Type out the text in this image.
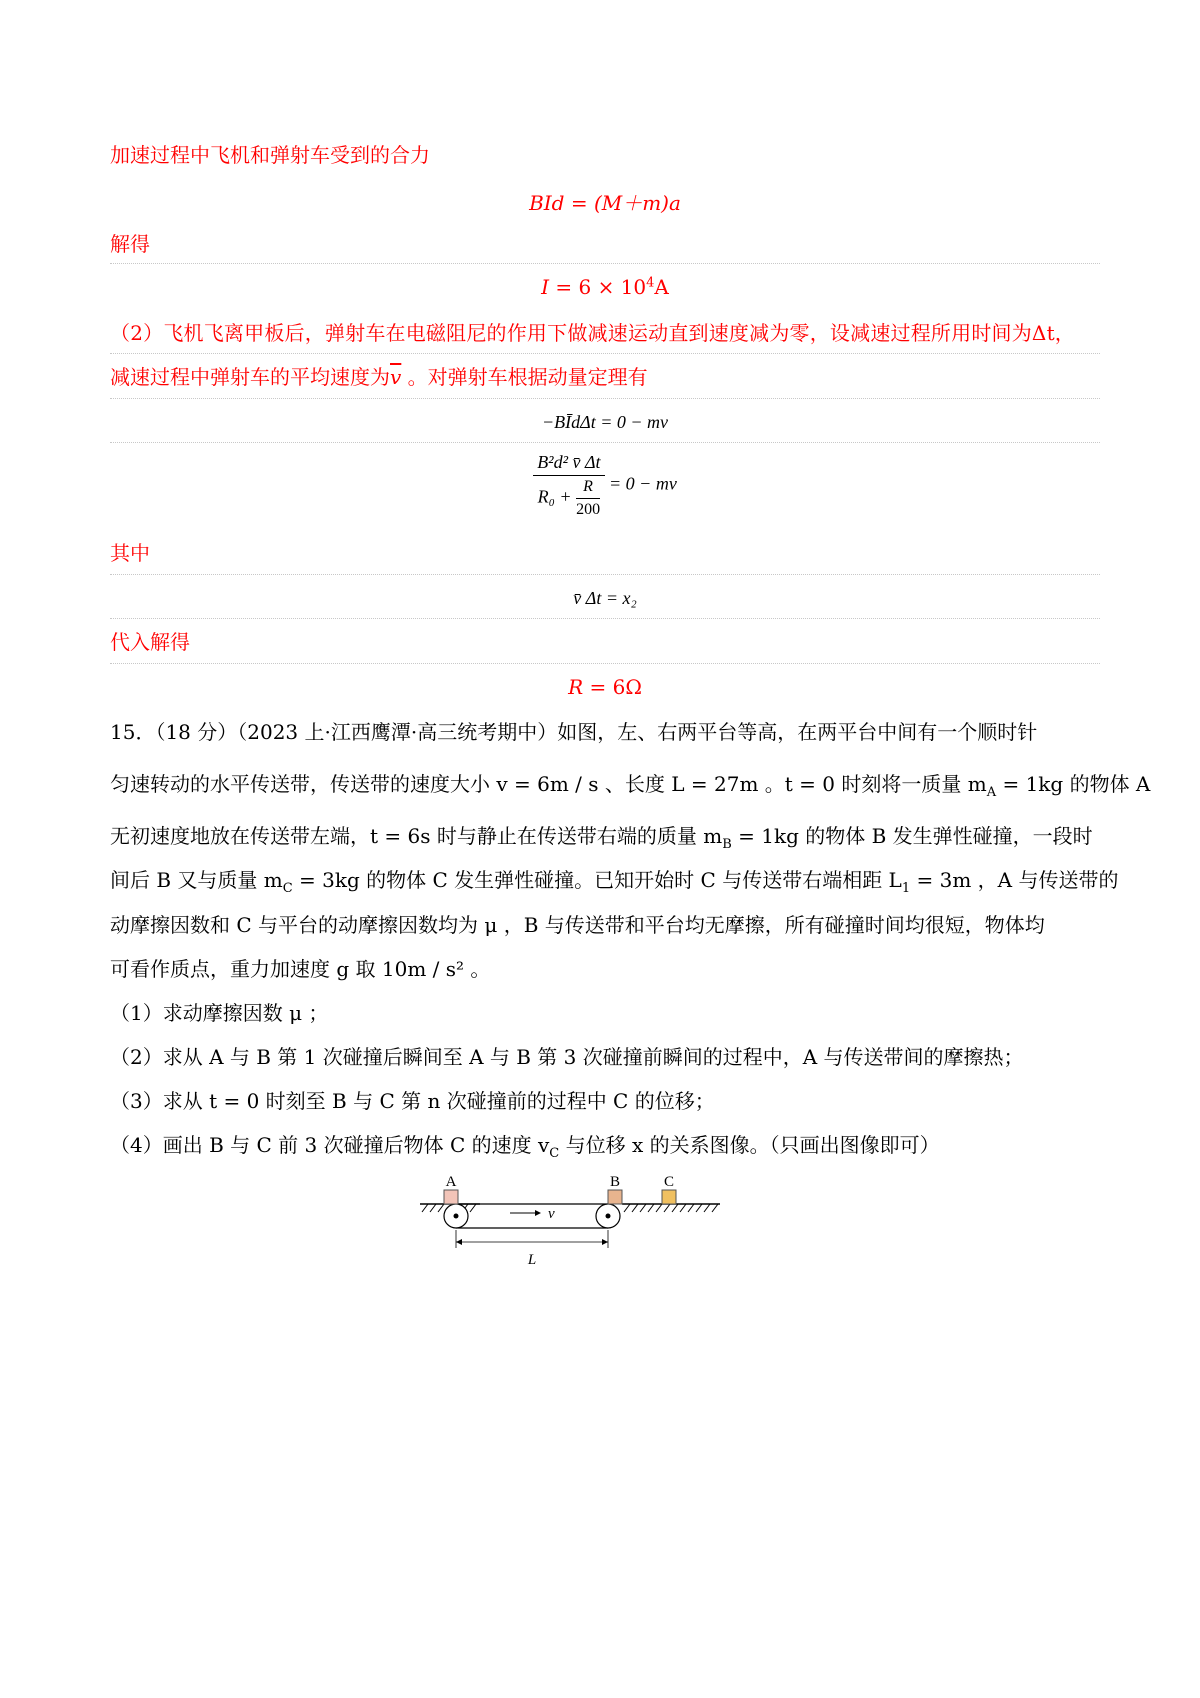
加速过程中飞机和弹射车受到的合力
BId = (M＋m)a
解得
$I = 6 \times 10^4A$
（2）飞机飞离甲板后，弹射车在电磁阻尼的作用下做减速运动直到速度减为零，设减速过程所用时间为Δt，
减速过程中弹射车的平均速度为$\overline{v}$ 。对弹射车根据动量定理有
−BĪdΔt = 0 − mv
$\frac{\text{B²d² v̄ Δt}}{R_0 + \frac{R}{200}} = 0$ − mv
其中
v̄ Δt = x₂
代入解得
R = 6Ω
15．（18 分）（2023 上·江西鹰潭·高三统考期中）如图，左、右两平台等高，在两平台中间有一个顺时针
匀速转动的水平传送带，传送带的速度大小 v = 6m / s 、长度 L = 27m 。t = 0 时刻将一质量 $m_A = 1kg$ 的物体 A
无初速度地放在传送带左端，t = 6s 时与静止在传送带右端的质量 $m_B = 1kg$ 的物体 B 发生弹性碰撞，一段时
间后 B 又与质量 $m_C = 3kg$ 的物体 C 发生弹性碰撞。已知开始时 C 与传送带右端相距 $L_1 = 3m$ ，A 与传送带的
动摩擦因数和 C 与平台的动摩擦因数均为 μ ，B 与传送带和平台均无摩擦，所有碰撞时间均很短，物体均
可看作质点，重力加速度 g 取 10m / s² 。
（1）求动摩擦因数 μ ；
（2）求从 A 与 B 第 1 次碰撞后瞬间至 A 与 B 第 3 次碰撞前瞬间的过程中，A 与传送带间的摩擦热；
（3）求从 t = 0 时刻至 B 与 C 第 n 次碰撞前的过程中 C 的位移；
（4）画出 B 与 C 前 3 次碰撞后物体 C 的速度 $v_C$ 与位移 x 的关系图像。（只画出图像即可）
A	B	C
v
L
